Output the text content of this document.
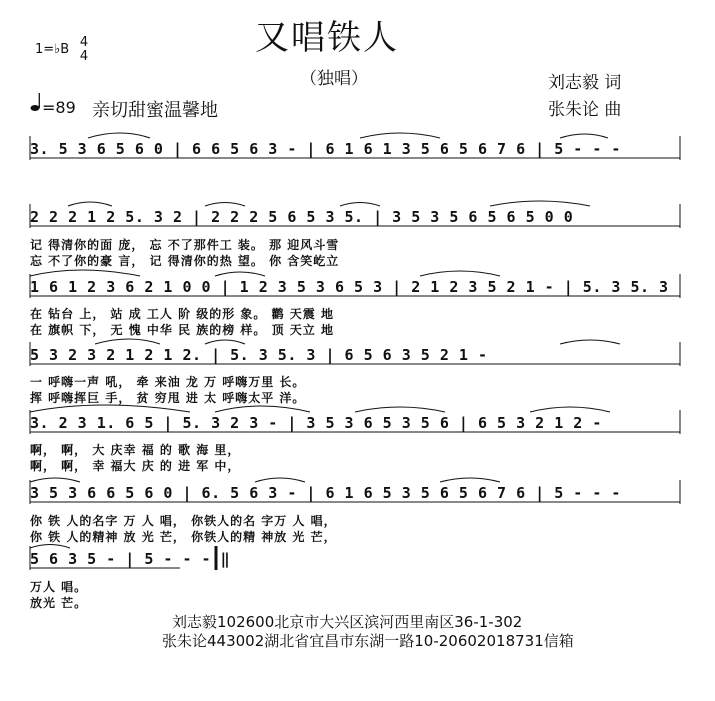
又唱铁人
（独唱）
1=♭B 4
4
=89 亲切甜蜜温馨地
刘志毅 词
张朱论 曲
3. 5 3 6 5 6 0 | 6 6 5 6 3 - | 6 1 6 1 3 5 6 5 6 7 6 | 5 - - -
2 2 2 1 2 5. 3 2 | 2 2 2 5 6 5 3 5. | 3 5 3 5 6 5 6 5 0 0
记 得清你的面 庞， 忘 不了那件工 装。 那 迎风斗雪
忘 不了你的豪 言， 记 得清你的热 望。 你 含笑屹立
1 6 1 2 3 6 2 1 0 0 | 1 2 3 5 3 6 5 3 | 2 1 2 3 5 2 1 - | 5. 3 5. 3
在 钻台 上， 站 成 工人 阶 级的形 象。 鹳 天震 地
在 旗帜 下， 无 愧 中华 民 族的榜 样。 顶 天立 地
5 3 2 3 2 1 2 1 2. | 5. 3 5. 3 | 6 5 6 3 5 2 1 -
一 呼嗨一声 吼， 牵 来油 龙 万 呼嗨万里 长。
挥 呼嗨挥巨 手， 贫 穷甩 进 太 呼嗨太平 洋。
3. 2 3 1. 6 5 | 5. 3 2 3 - | 3 5 3 6 5 3 5 6 | 6 5 3 2 1 2 -
啊， 啊， 大 庆幸 福 的 歌 海 里，
啊， 啊， 幸 福大 庆 的 进 军 中，
3 5 3 6 6 5 6 0 | 6. 5 6 3 - | 6 1 6 5 3 5 6 5 6 7 6 | 5 - - -
你 铁 人的名字 万 人 唱， 你铁人的名 字万 人 唱，
你 铁 人的精神 放 光 芒， 你铁人的精 神放 光 芒，
5 6 3 5 - | 5 - - - ‖
万人 唱。
放光 芒。
刘志毅102600北京市大兴区滨河西里南区36-1-302
张朱论443002湖北省宜昌市东湖一路10-20602018731信箱
